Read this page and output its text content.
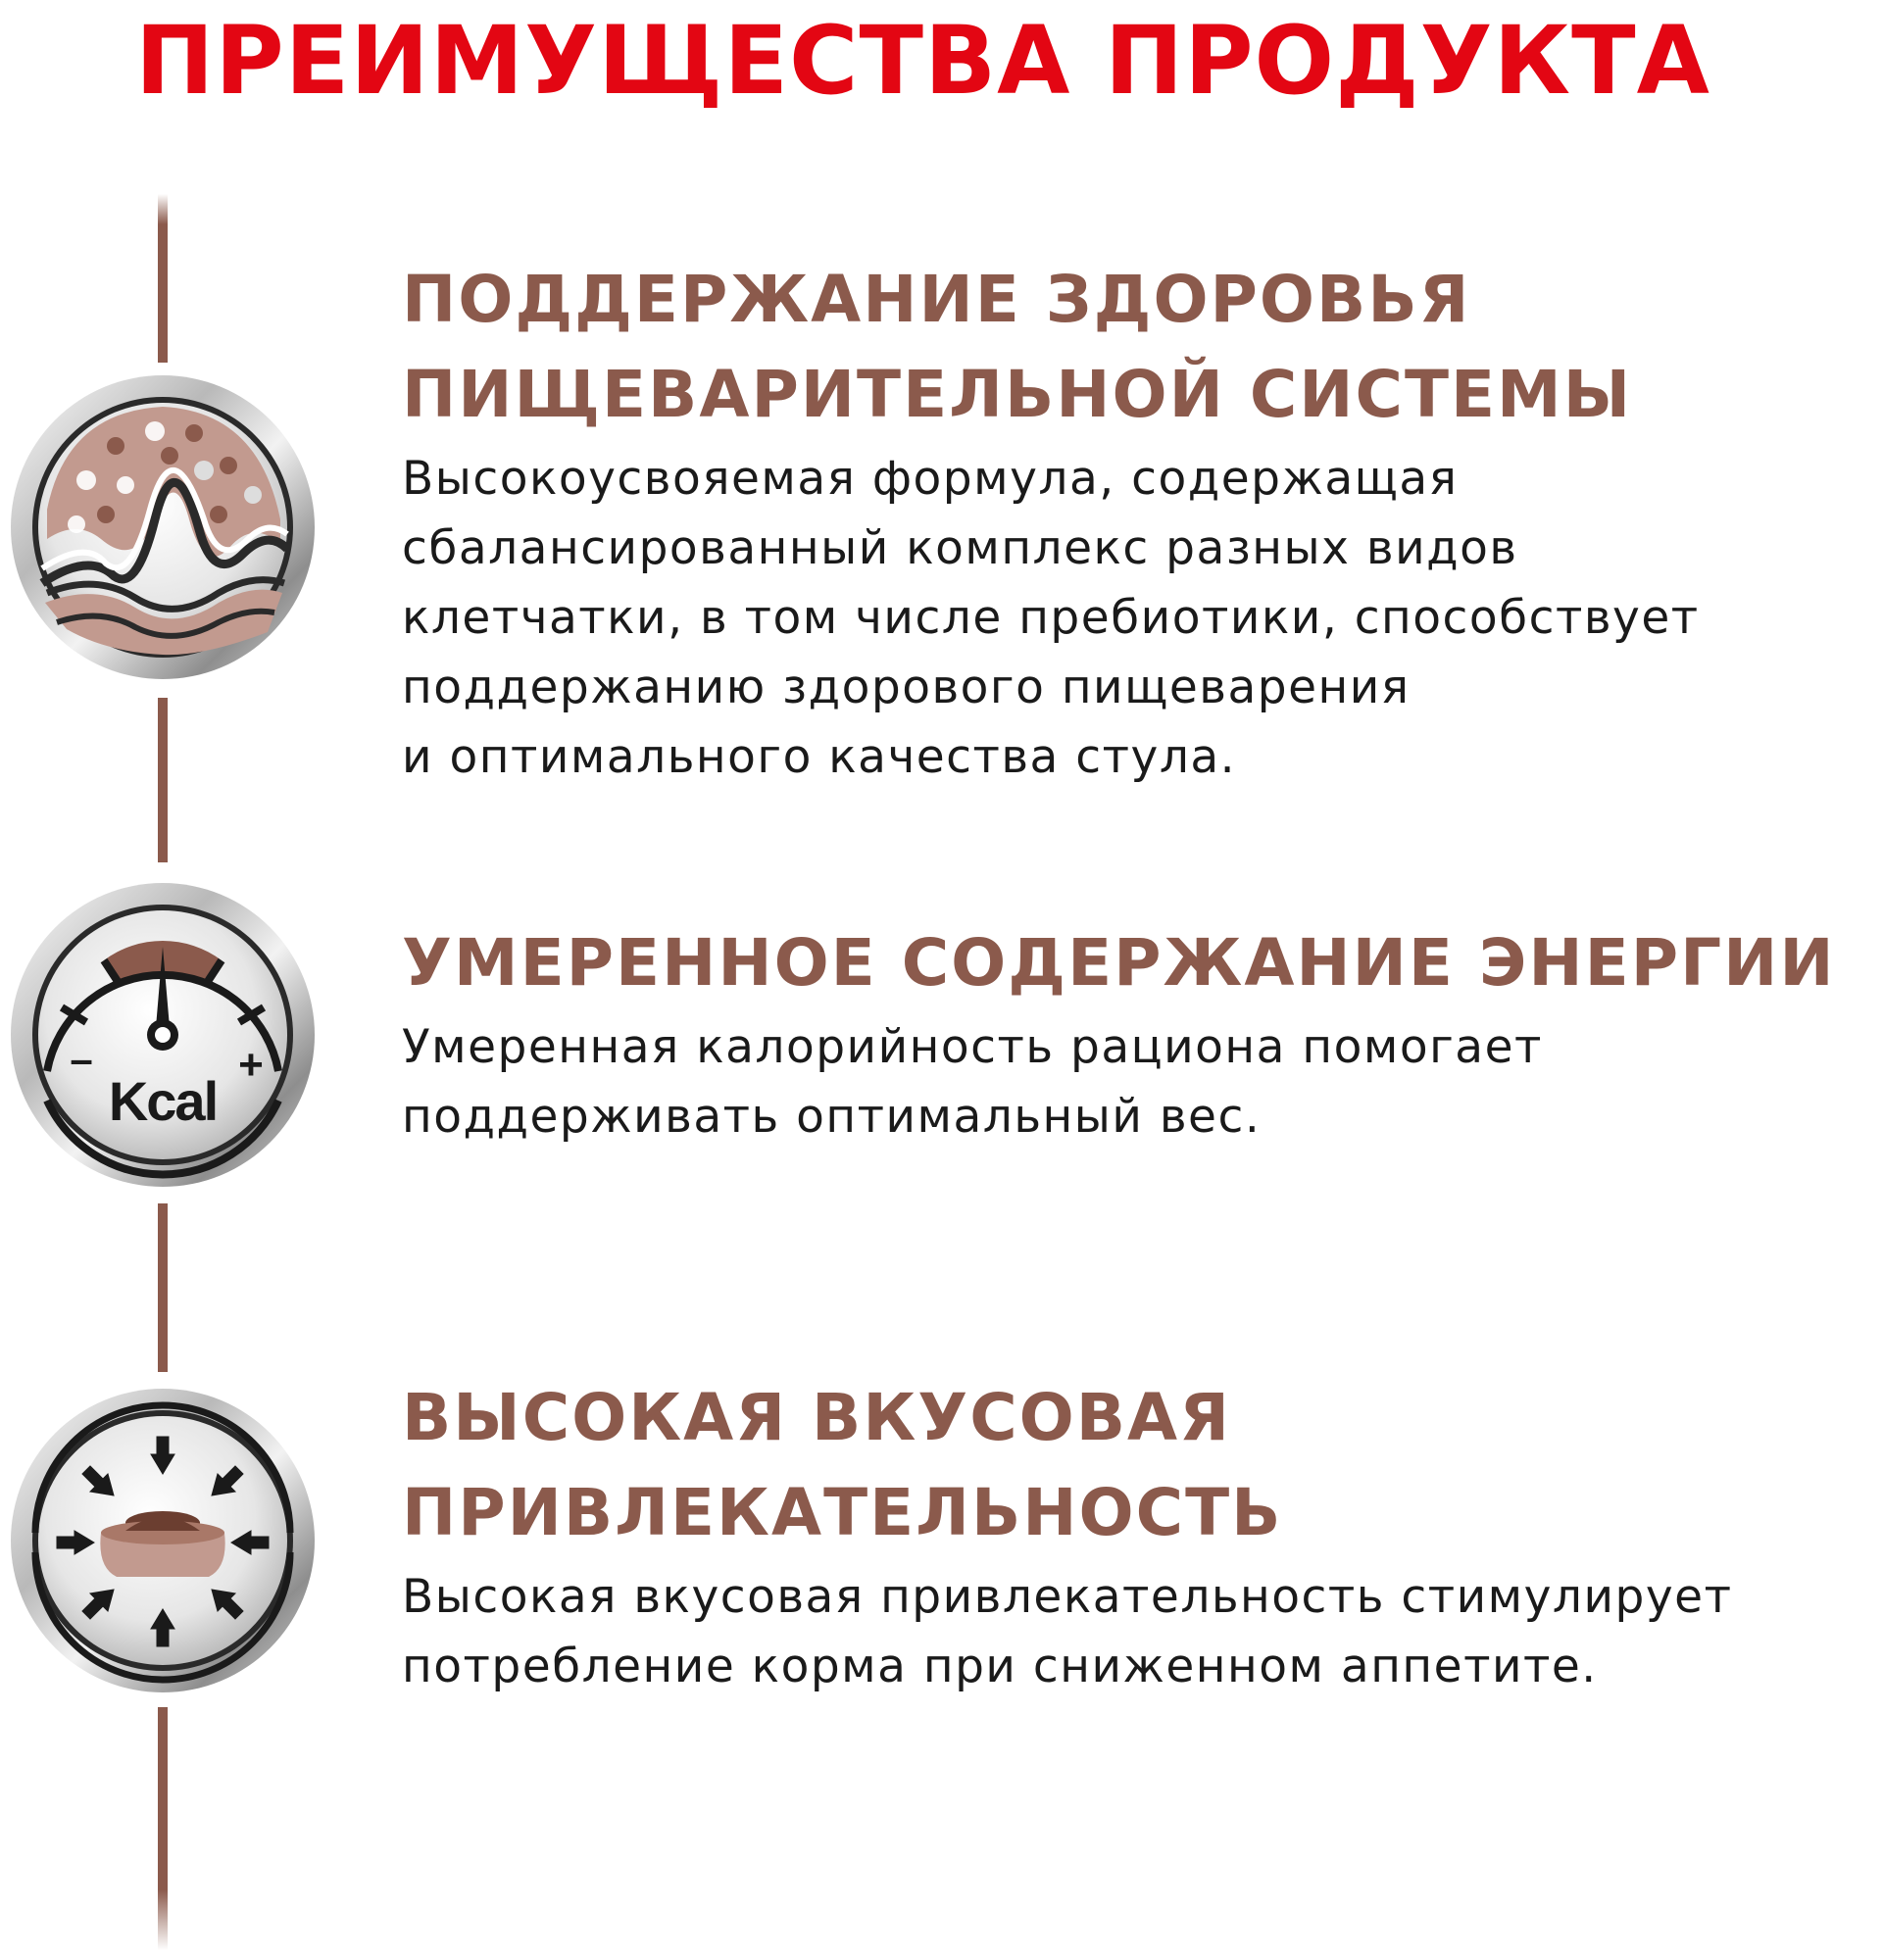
ПРЕИМУЩЕСТВА ПРОДУКТА
ПОДДЕРЖАНИЕ ЗДОРОВЬЯ
ПИЩЕВАРИТЕЛЬНОЙ СИСТЕМЫ

Высокоусвояемая формула, содержащая
сбалансированный комплекс разных видов
клетчатки, в том числе пребиотики, способствует
поддержанию здорового пищеварения
и оптимального качества стула.

–	+
Kcal
УМЕРЕННОЕ СОДЕРЖАНИЕ ЭНЕРГИИ

Умеренная калорийность рациона помогает
поддерживать оптимальный вес.

ВЫСОКАЯ ВКУСОВАЯ
ПРИВЛЕКАТЕЛЬНОСТЬ

Высокая вкусовая привлекательность стимулирует
потребление корма при сниженном аппетите.
